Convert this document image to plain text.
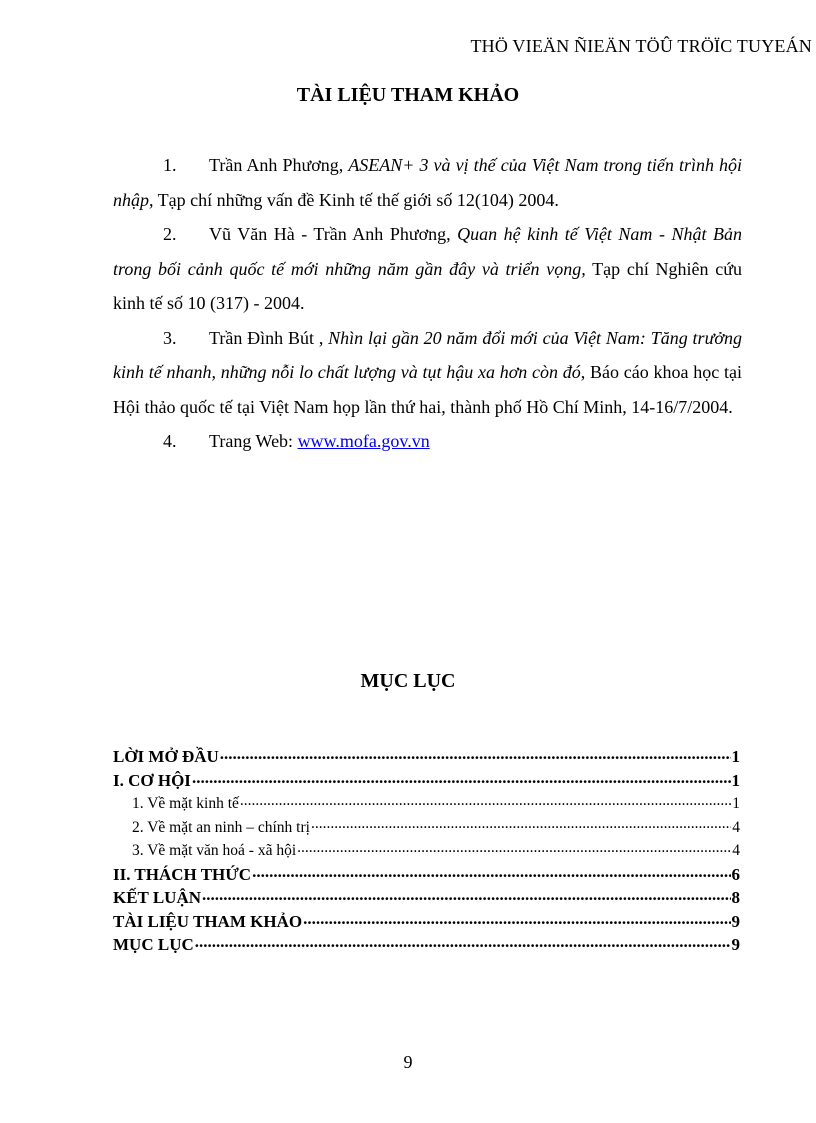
THÖ VIEÄN ÑIEÄN TÖÛ TRÖÏC TUYEÁN
TÀI LIỆU THAM KHẢO

1. Trần Anh Phương, ASEAN+ 3 và vị thế của Việt Nam trong tiến trình hội nhập, Tạp chí những vấn đề Kinh tế thế giới số 12(104) 2004.

2. Vũ Văn Hà - Trần Anh Phương, Quan hệ kinh tế Việt Nam - Nhật Bản trong bối cảnh quốc tế mới những năm gần đây và triển vọng, Tạp chí Nghiên cứu kinh tế số 10 (317) - 2004.

3. Trần Đình Bút , Nhìn lại gần 20 năm đổi mới của Việt Nam: Tăng trưởng kinh tế nhanh, những nỗi lo chất lượng và tụt hậu xa hơn còn đó, Báo cáo khoa học tại Hội thảo quốc tế tại Việt Nam họp lần thứ hai, thành phố Hồ Chí Minh, 14-16/7/2004.

4. Trang Web: www.mofa.gov.vn

MỤC LỤC
LỜI MỞ ĐẦU .....	1
I. CƠ HỘI .....	1
1. Về mặt kinh tế .....	1
2. Về mặt an ninh – chính trị .....	4
3. Về mặt văn hoá - xã hội .....	4
II. THÁCH THỨC .....	6
KẾT LUẬN .....	8
TÀI LIỆU THAM KHẢO .....	9
MỤC LỤC .....	9
9
